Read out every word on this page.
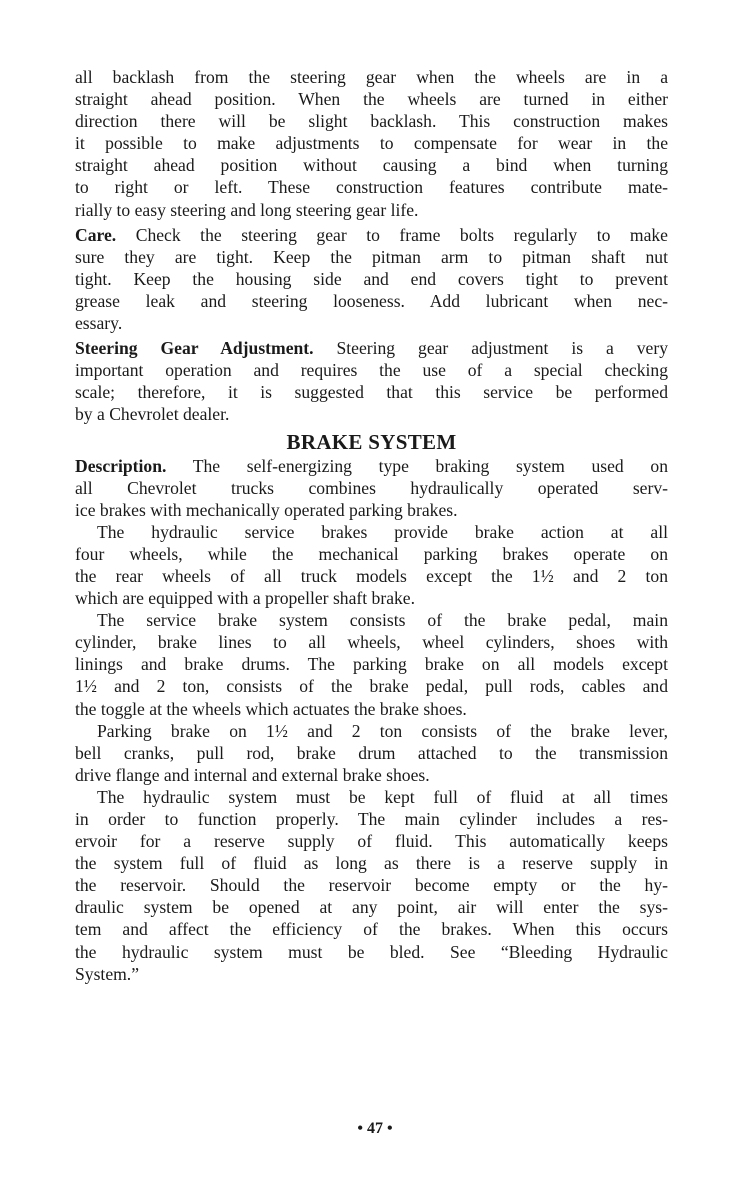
all backlash from the steering gear when the wheels are in a
straight ahead position. When the wheels are turned in either
direction there will be slight backlash. This construction makes
it possible to make adjustments to compensate for wear in the
straight ahead position without causing a bind when turning
to right or left. These construction features contribute mate-
rially to easy steering and long steering gear life.
Care. Check the steering gear to frame bolts regularly to make
sure they are tight. Keep the pitman arm to pitman shaft nut
tight. Keep the housing side and end covers tight to prevent
grease leak and steering looseness. Add lubricant when nec-
essary.
Steering Gear Adjustment. Steering gear adjustment is a very
important operation and requires the use of a special checking
scale; therefore, it is suggested that this service be performed
by a Chevrolet dealer.
BRAKE SYSTEM
Description. The self-energizing type braking system used on
all Chevrolet trucks combines hydraulically operated serv-
ice brakes with mechanically operated parking brakes.
The hydraulic service brakes provide brake action at all
four wheels, while the mechanical parking brakes operate on
the rear wheels of all truck models except the 1½ and 2 ton
which are equipped with a propeller shaft brake.
The service brake system consists of the brake pedal, main
cylinder, brake lines to all wheels, wheel cylinders, shoes with
linings and brake drums. The parking brake on all models except
1½ and 2 ton, consists of the brake pedal, pull rods, cables and
the toggle at the wheels which actuates the brake shoes.
Parking brake on 1½ and 2 ton consists of the brake lever,
bell cranks, pull rod, brake drum attached to the transmission
drive flange and internal and external brake shoes.
The hydraulic system must be kept full of fluid at all times
in order to function properly. The main cylinder includes a res-
ervoir for a reserve supply of fluid. This automatically keeps
the system full of fluid as long as there is a reserve supply in
the reservoir. Should the reservoir become empty or the hy-
draulic system be opened at any point, air will enter the sys-
tem and affect the efficiency of the brakes. When this occurs
the hydraulic system must be bled. See “Bleeding Hydraulic
System.”
• 47 •
